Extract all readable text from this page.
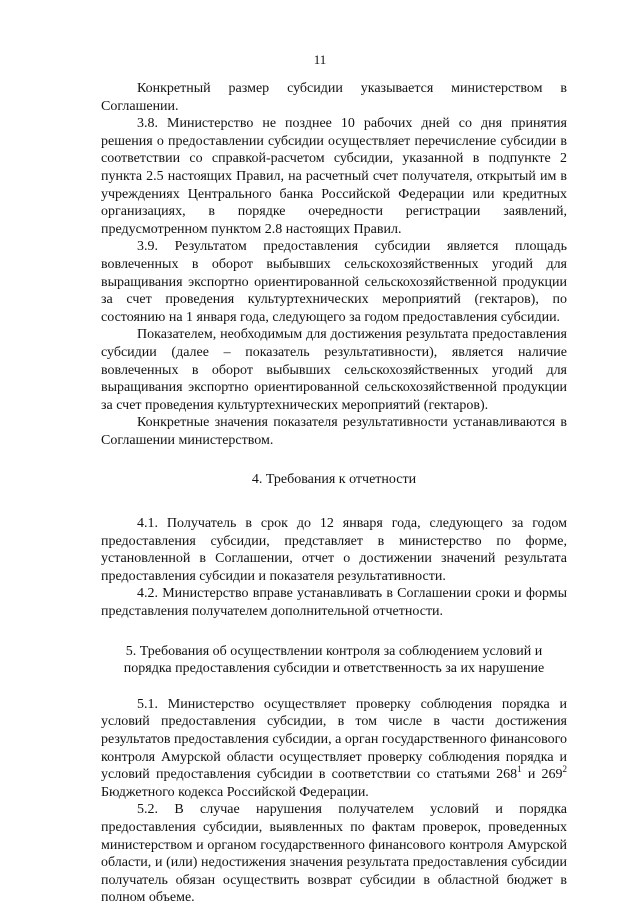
11

Конкретный размер субсидии указывается министерством в Соглашении.

3.8. Министерство не позднее 10 рабочих дней со дня принятия решения о предоставлении субсидии осуществляет перечисление субсидии в соответствии со справкой-расчетом субсидии, указанной в подпункте 2 пункта 2.5 настоящих Правил, на расчетный счет получателя, открытый им в учреждениях Центрального банка Российской Федерации или кредитных организациях, в порядке очередности регистрации заявлений, предусмотренном пунктом 2.8 настоящих Правил.

3.9. Результатом предоставления субсидии является площадь вовлеченных в оборот выбывших сельскохозяйственных угодий для выращивания экспортно ориентированной сельскохозяйственной продукции за счет проведения культуртехнических мероприятий (гектаров), по состоянию на 1 января года, следующего за годом предоставления субсидии.

Показателем, необходимым для достижения результата предоставления субсидии (далее – показатель результативности), является наличие вовлеченных в оборот выбывших сельскохозяйственных угодий для выращивания экспортно ориентированной сельскохозяйственной продукции за счет проведения культуртехнических мероприятий (гектаров).

Конкретные значения показателя результативности устанавливаются в Соглашении министерством.

4. Требования к отчетности

4.1. Получатель в срок до 12 января года, следующего за годом предоставления субсидии, представляет в министерство по форме, установленной в Соглашении, отчет о достижении значений результата предоставления субсидии и показателя результативности.

4.2. Министерство вправе устанавливать в Соглашении сроки и формы представления получателем дополнительной отчетности.

5. Требования об осуществлении контроля за соблюдением условий и
порядка предоставления субсидии и ответственность за их нарушение

5.1. Министерство осуществляет проверку соблюдения порядка и условий предоставления субсидии, в том числе в части достижения результатов предоставления субсидии, а орган государственного финансового контроля Амурской области осуществляет проверку соблюдения порядка и условий предоставления субсидии в соответствии со статьями $268^1$ и $269^2$ Бюджетного кодекса Российской Федерации.

5.2. В случае нарушения получателем условий и порядка предоставления субсидии, выявленных по фактам проверок, проведенных министерством и органом государственного финансового контроля Амурской области, и (или) недостижения значения результата предоставления субсидии получатель обязан осуществить возврат субсидии в областной бюджет в полном объеме.
